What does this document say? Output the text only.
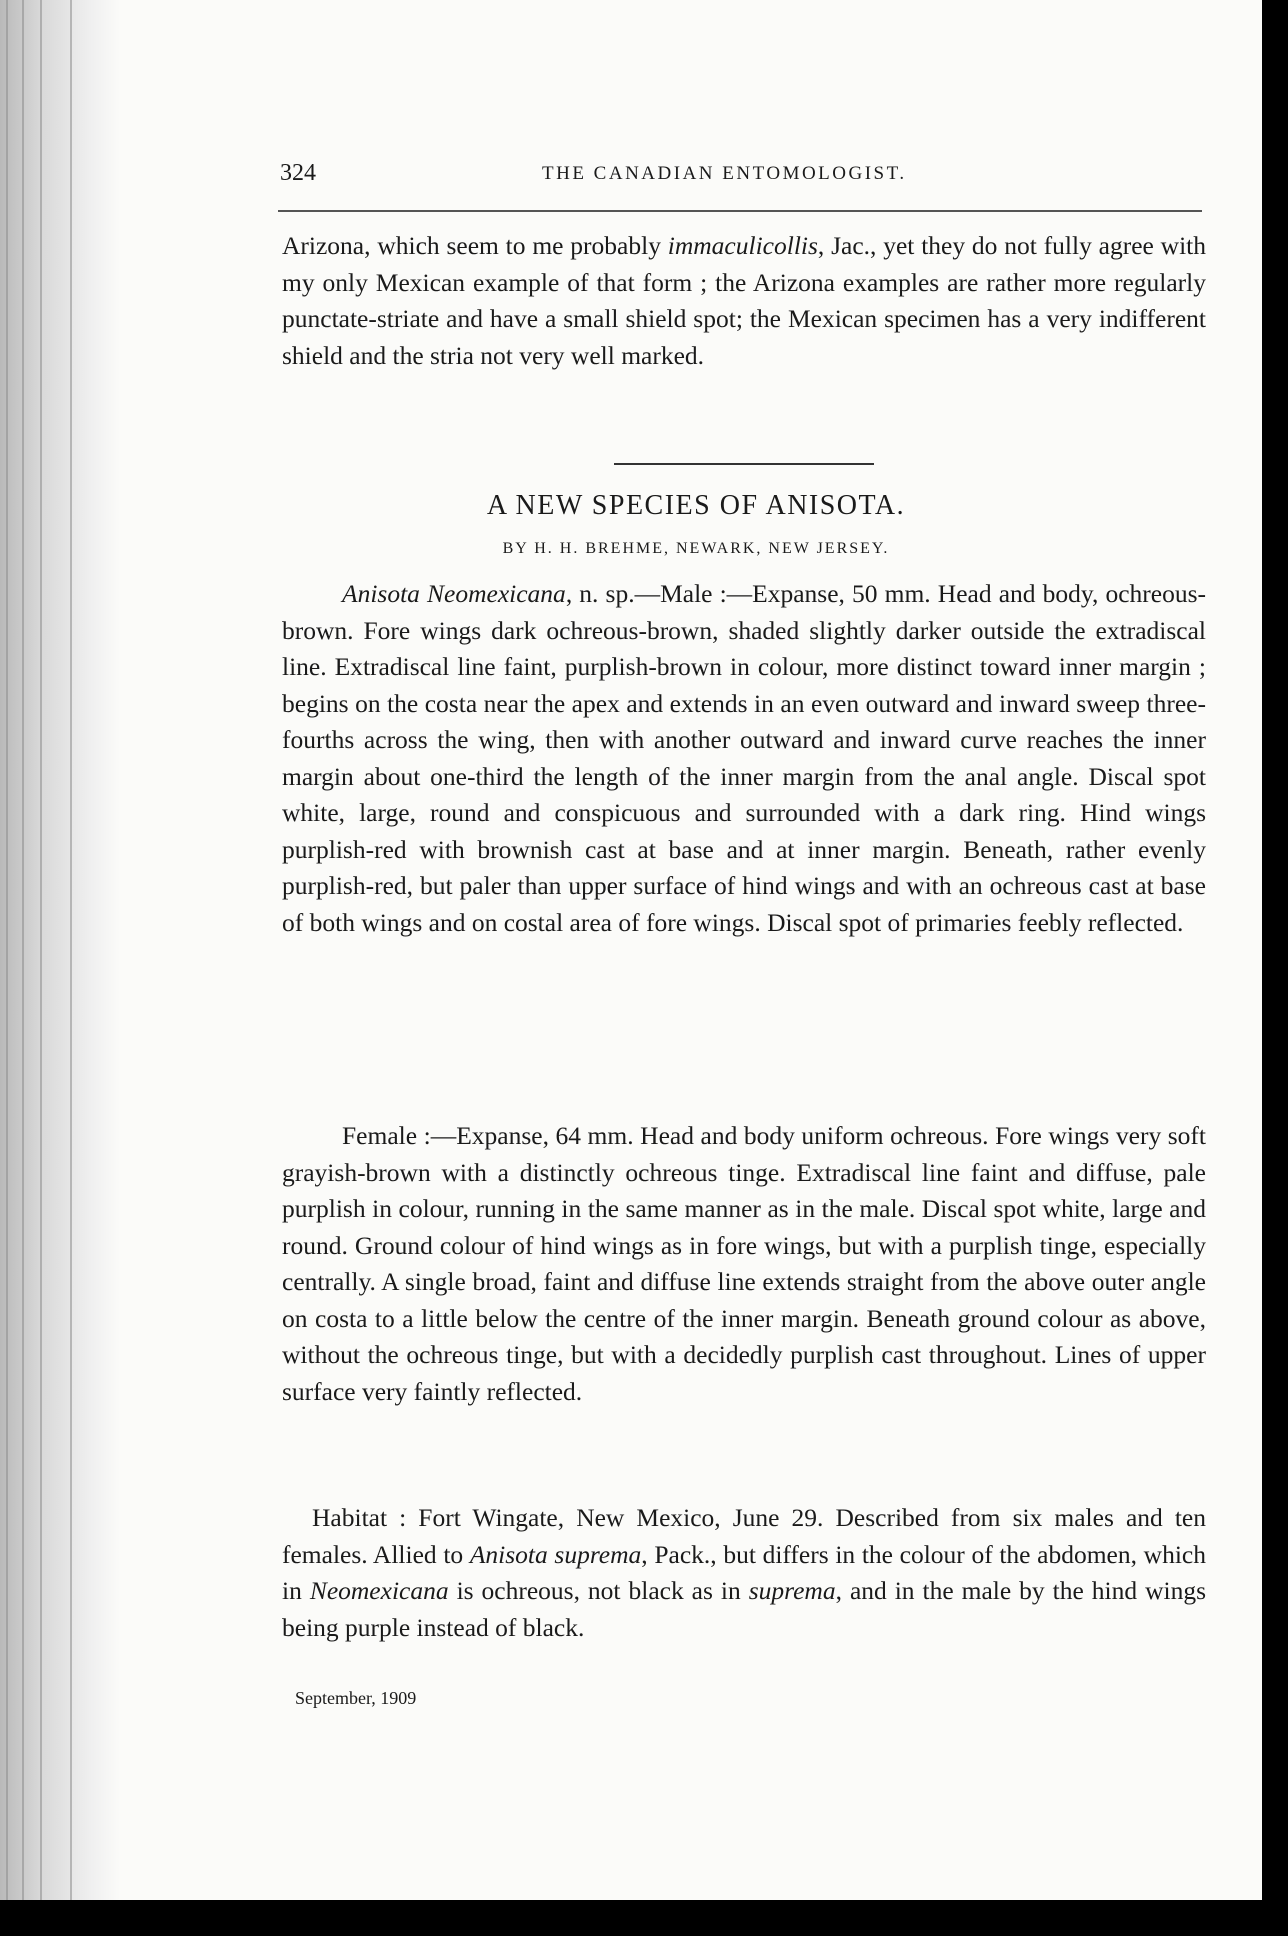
324	THE CANADIAN ENTOMOLOGIST.

Arizona, which seem to me probably immaculicollis, Jac., yet they do not fully agree with my only Mexican example of that form ; the Arizona examples are rather more regularly punctate-striate and have a small shield spot; the Mexican specimen has a very indifferent shield and the stria not very well marked.

A NEW SPECIES OF ANISOTA.
BY H. H. BREHME, NEWARK, NEW JERSEY.

Anisota Neomexicana, n. sp.—Male :—Expanse, 50 mm. Head and body, ochreous-brown. Fore wings dark ochreous-brown, shaded slightly darker outside the extradiscal line. Extradiscal line faint, purplish-brown in colour, more distinct toward inner margin ; begins on the costa near the apex and extends in an even outward and inward sweep three-fourths across the wing, then with another outward and inward curve reaches the inner margin about one-third the length of the inner margin from the anal angle. Discal spot white, large, round and conspicuous and surrounded with a dark ring. Hind wings purplish-red with brownish cast at base and at inner margin. Beneath, rather evenly purplish-red, but paler than upper surface of hind wings and with an ochreous cast at base of both wings and on costal area of fore wings. Discal spot of primaries feebly reflected.

Female :—Expanse, 64 mm. Head and body uniform ochreous. Fore wings very soft grayish-brown with a distinctly ochreous tinge. Extradiscal line faint and diffuse, pale purplish in colour, running in the same manner as in the male. Discal spot white, large and round. Ground colour of hind wings as in fore wings, but with a purplish tinge, especially centrally. A single broad, faint and diffuse line extends straight from the above outer angle on costa to a little below the centre of the inner margin. Beneath ground colour as above, without the ochreous tinge, but with a decidedly purplish cast throughout. Lines of upper surface very faintly reflected.

Habitat : Fort Wingate, New Mexico, June 29. Described from six males and ten females. Allied to Anisota suprema, Pack., but differs in the colour of the abdomen, which in Neomexicana is ochreous, not black as in suprema, and in the male by the hind wings being purple instead of black.

September, 1909
